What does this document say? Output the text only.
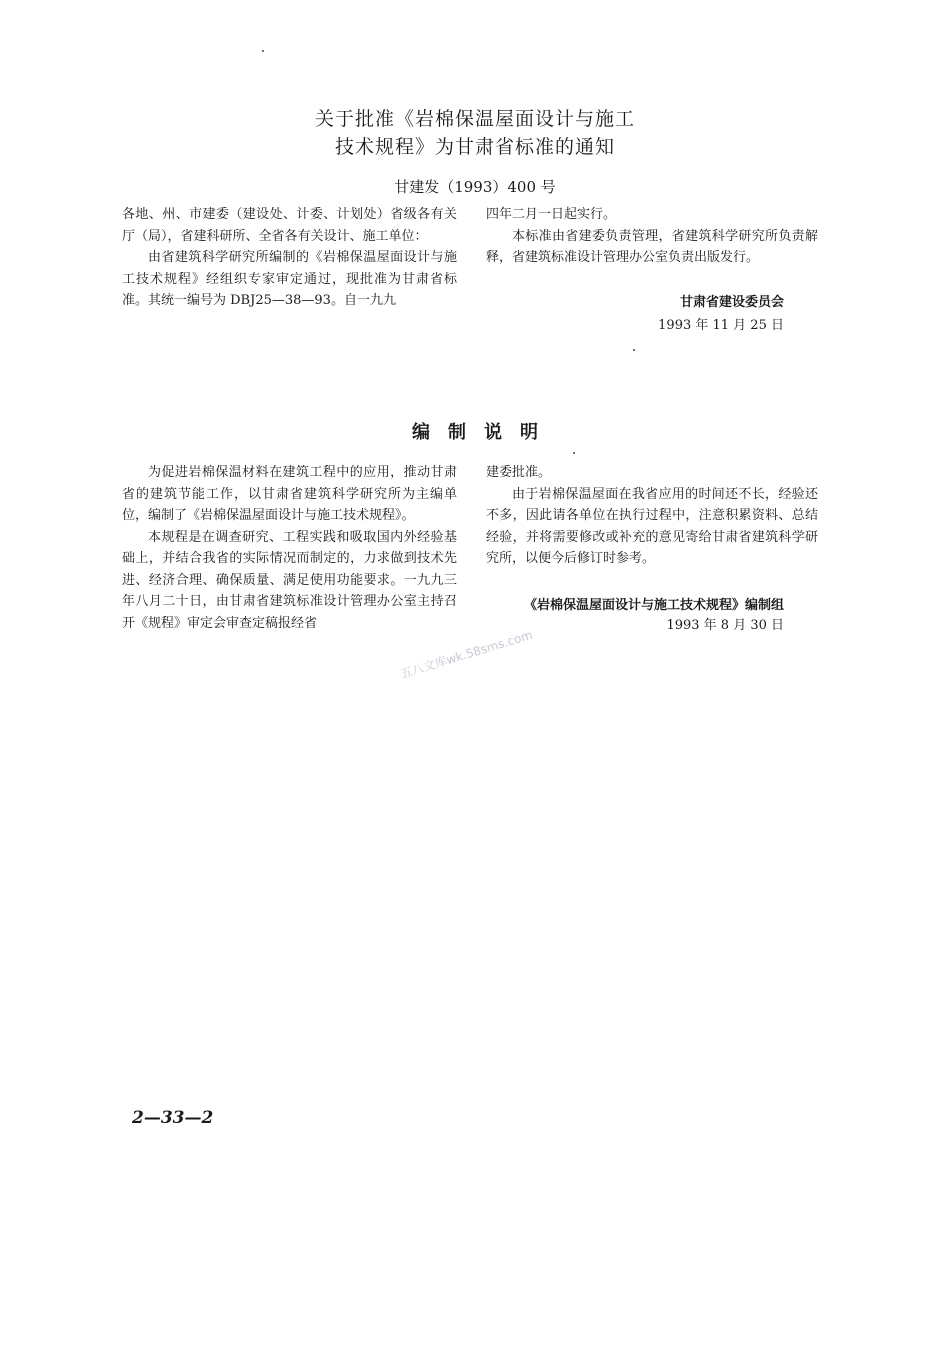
关于批准《岩棉保温屋面设计与施工
技术规程》为甘肃省标准的通知
甘建发（1993）400 号

各地、州、市建委（建设处、计委、计划处）省级各有关厅（局），省建科研所、全省各有关设计、施工单位：

由省建筑科学研究所编制的《岩棉保温屋面设计与施工技术规程》经组织专家审定通过，现批准为甘肃省标准。其统一编号为 DBJ25—38—93。自一九九

四年二月一日起实行。

本标准由省建委负责管理，省建筑科学研究所负责解释，省建筑标准设计管理办公室负责出版发行。

甘肃省建设委员会
1993 年 11 月 25 日
编制说明

为促进岩棉保温材料在建筑工程中的应用，推动甘肃省的建筑节能工作，以甘肃省建筑科学研究所为主编单位，编制了《岩棉保温屋面设计与施工技术规程》。

本规程是在调查研究、工程实践和吸取国内外经验基础上，并结合我省的实际情况而制定的，力求做到技术先进、经济合理、确保质量、满足使用功能要求。一九九三年八月二十日，由甘肃省建筑标准设计管理办公室主持召开《规程》审定会审查定稿报经省

建委批准。

由于岩棉保温屋面在我省应用的时间还不长，经验还不多，因此请各单位在执行过程中，注意积累资料、总结经验，并将需要修改或补充的意见寄给甘肃省建筑科学研究所，以便今后修订时参考。

《岩棉保温屋面设计与施工技术规程》编制组
1993 年 8 月 30 日
五八文库wk.58sms.com
2—33—2
